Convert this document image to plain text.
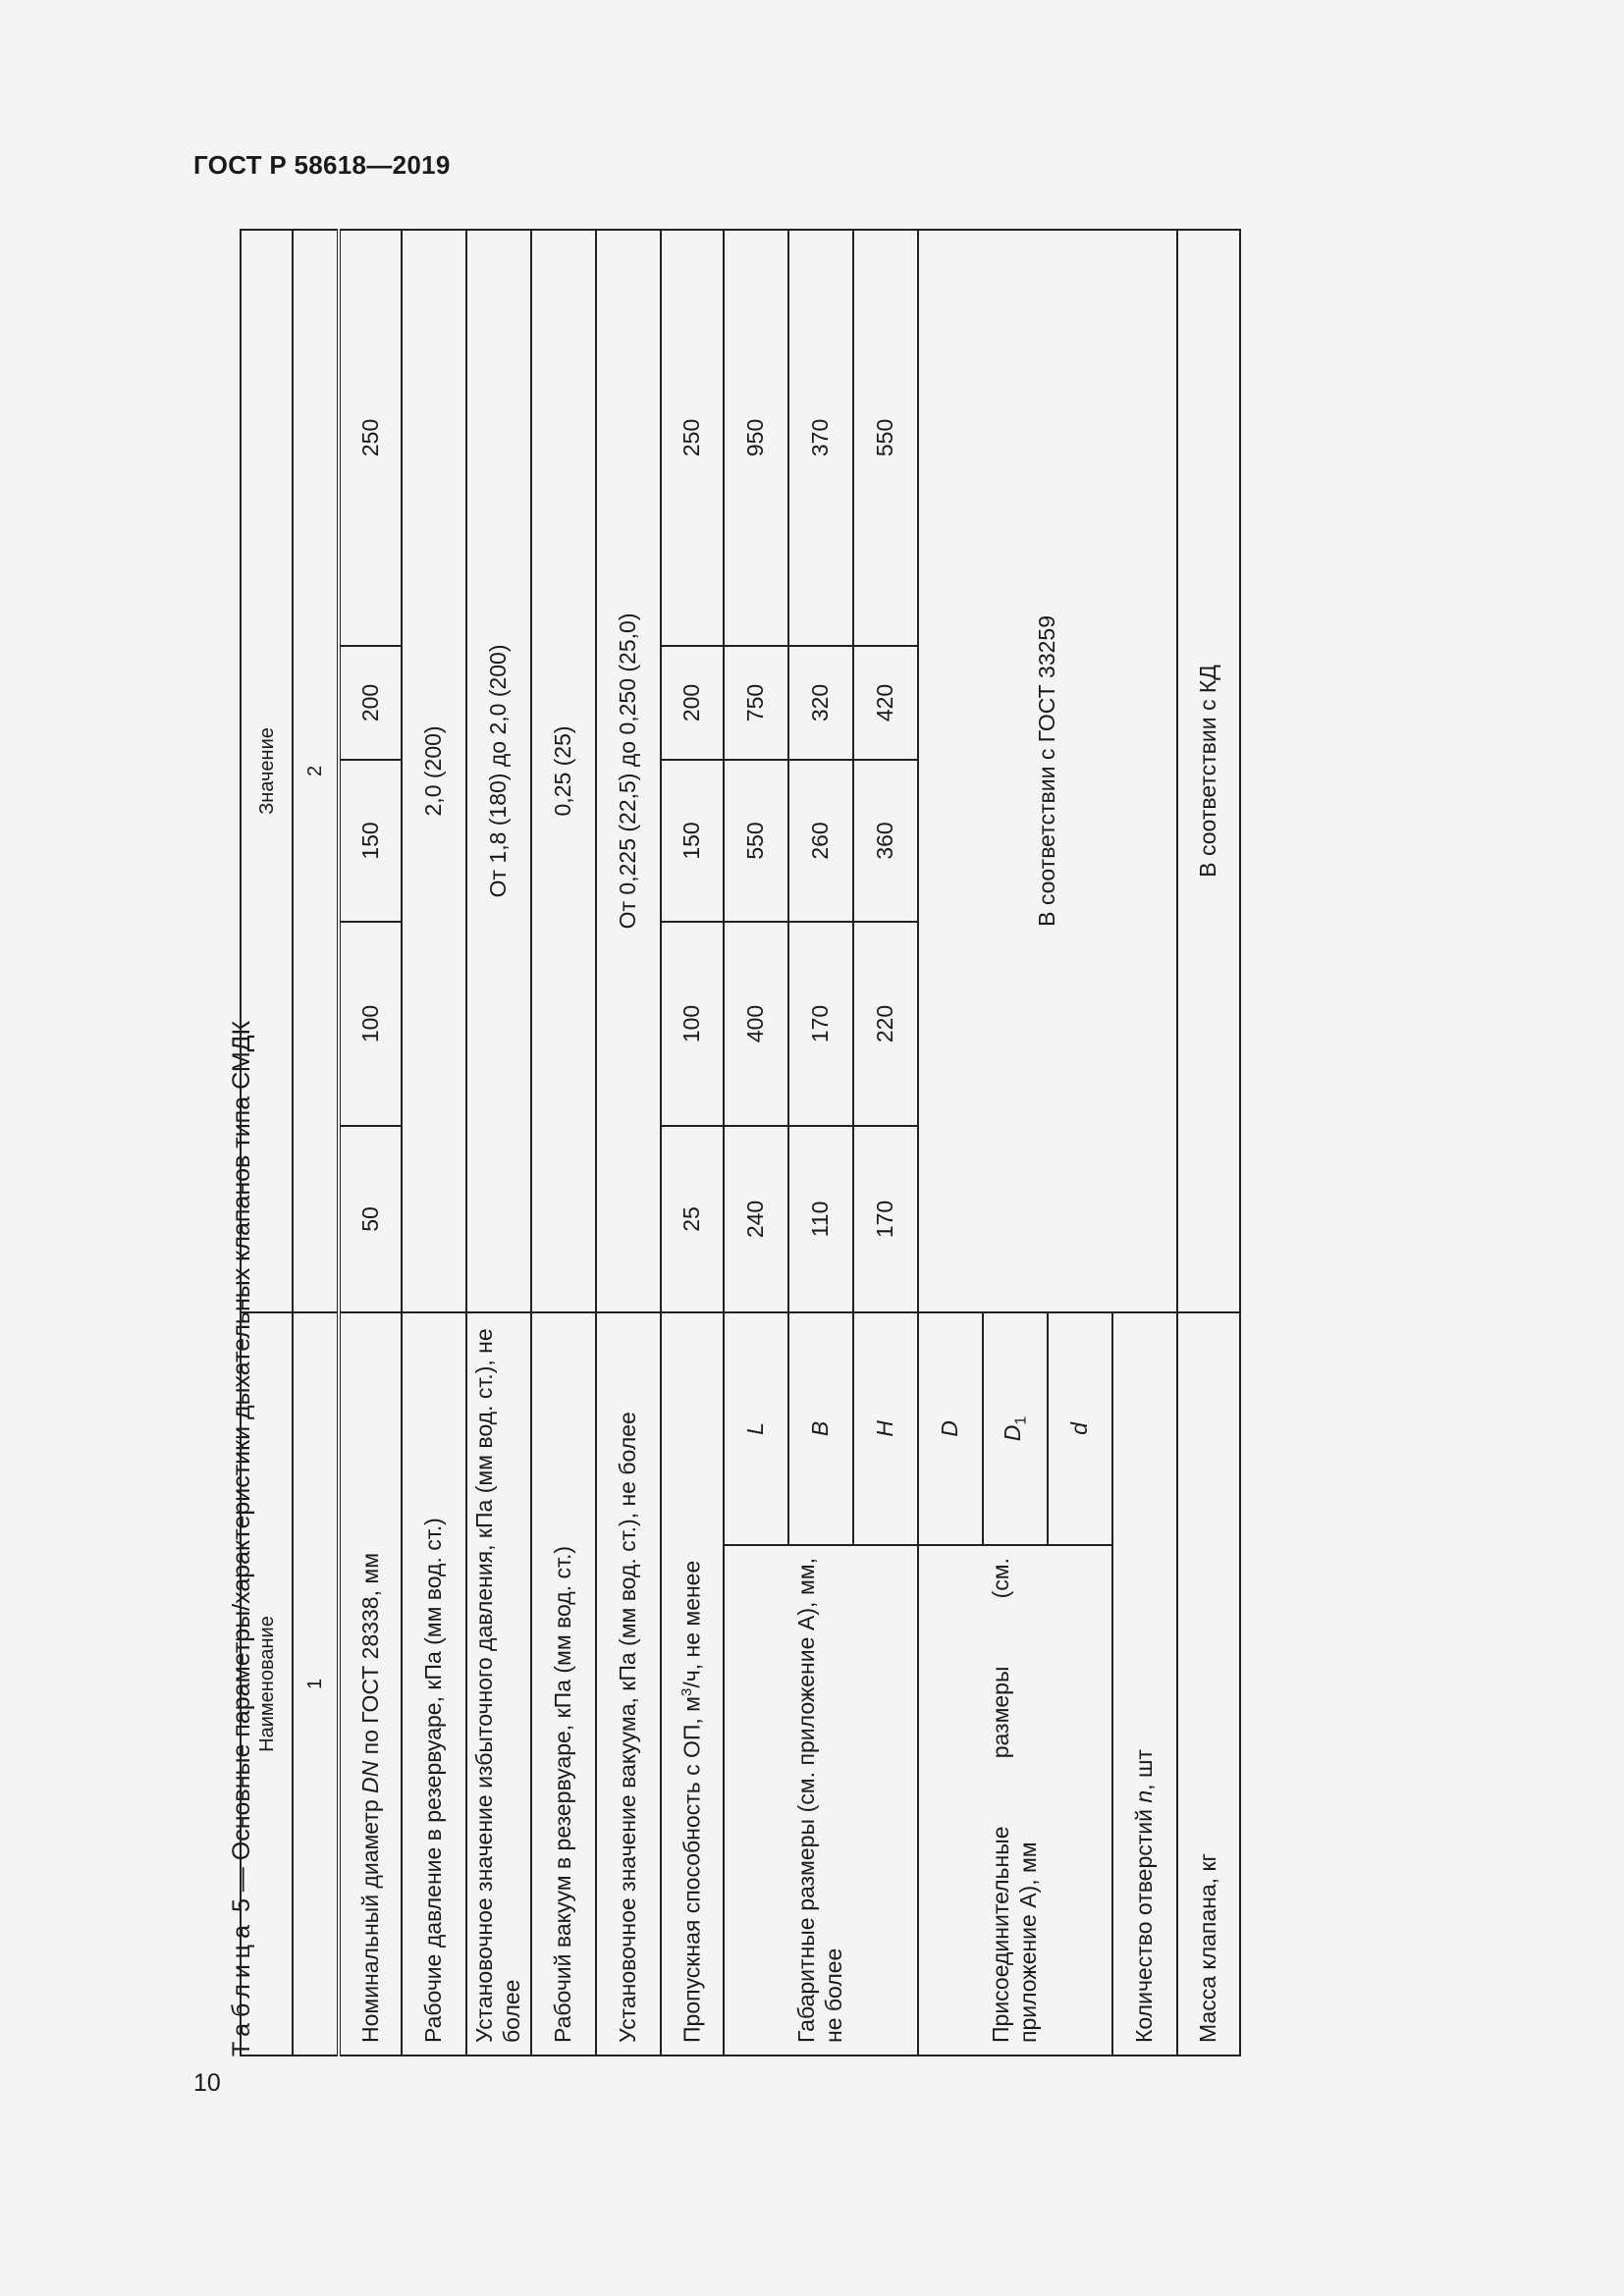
ГОСТ Р 58618—2019
10
Таблица 5 — Основные параметры/характеристики дыхательных клапанов типа СМДК Наименование		Значение				
1		2				
Номинальный диаметр DN по ГОСТ 28338, мм		50	100	150	200	250
Рабочие давление в резервуаре, кПа (мм вод. ст.)		2,0 (200)				
Установочное значение избыточного давления, кПа (мм вод. ст.), не более		От 1,8 (180) до 2,0 (200)				
Рабочий вакуум в резервуаре, кПа (мм вод. ст.)		0,25 (25)				
Установочное значение вакуума, кПа (мм вод. ст.), не более		От 0,225 (22,5) до 0,250 (25,0)				
Пропускная способность с ОП, $м^3/ч$, не менее		25	100	150	200	250

Габаритные размеры (см. приложение А), мм, не более	L	240	400	550	750	950
	B	110	170	260	320	370
	H	170	220	360	420	550

Присоединительные размеры (см. приложение А), мм	D	В соответствии с ГОСТ 33259				
	$D_1$
	d					
Количество отверстий n, шт						
Масса клапана, кг		В соответствии с КД				
